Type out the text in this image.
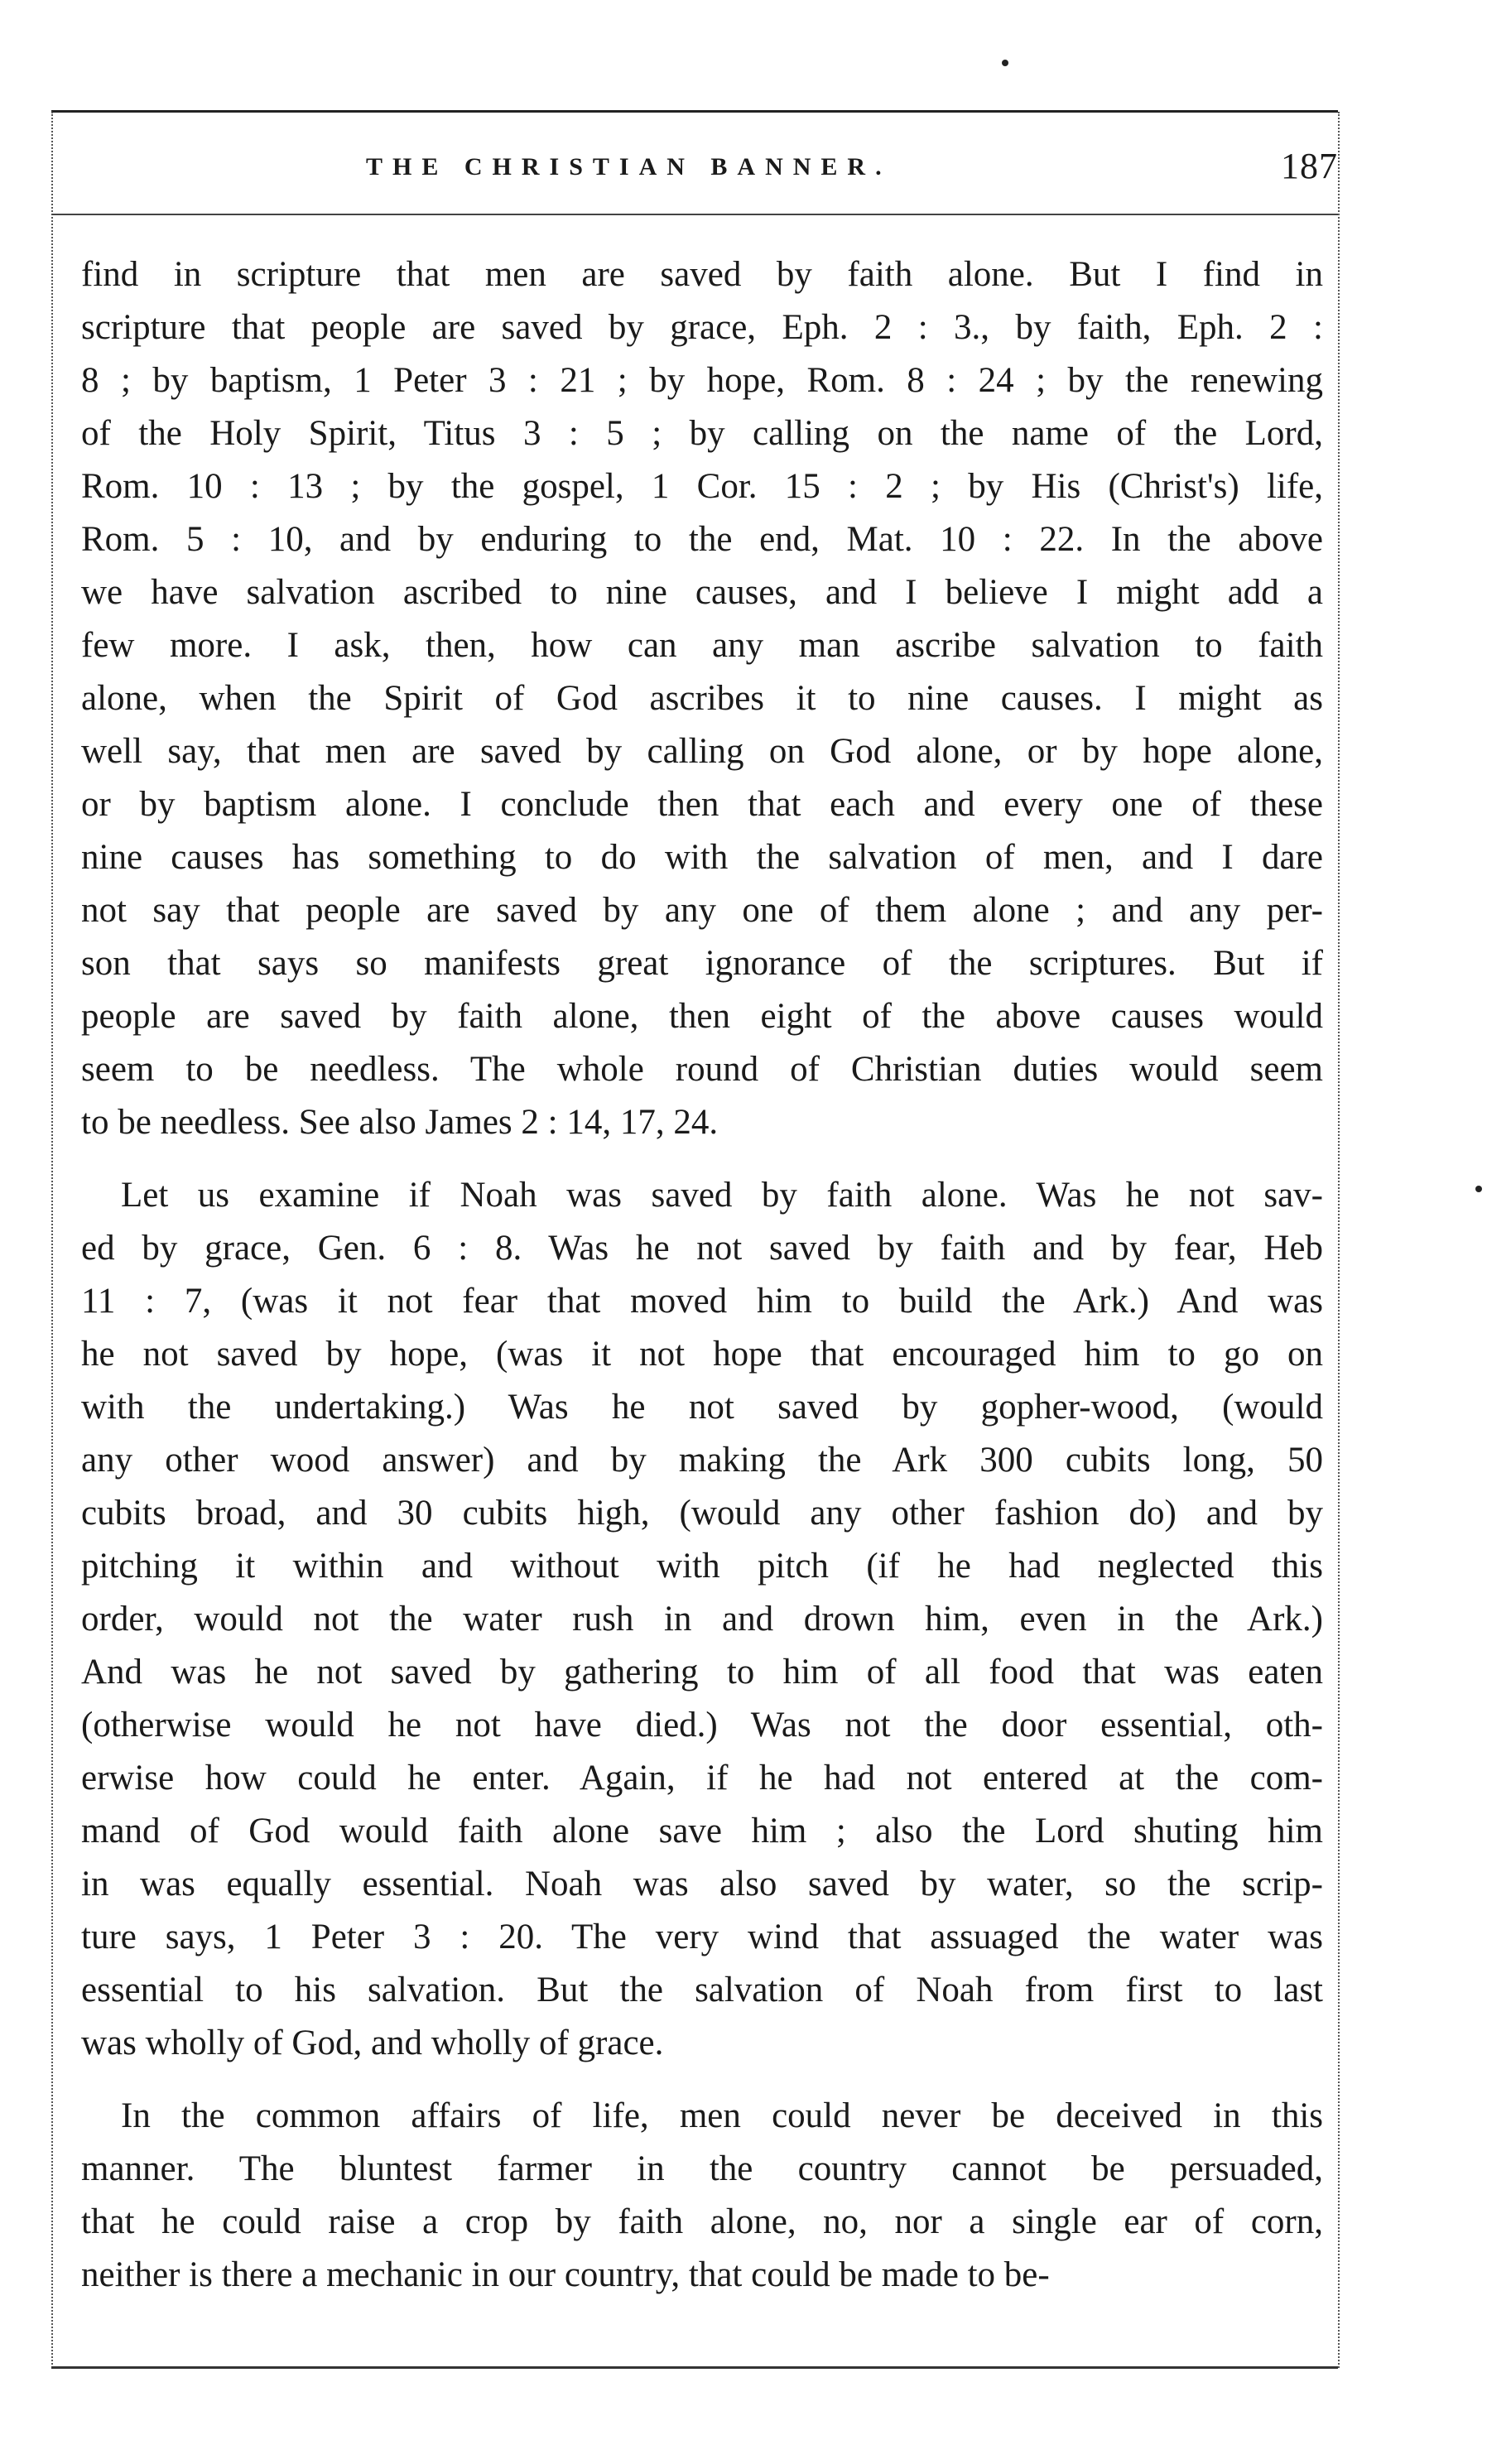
THE CHRISTIAN BANNER.	187
find in scripture that men are saved by faith alone. But I find in
scripture that people are saved by grace, Eph. 2 : 3., by faith, Eph. 2 :
8 ; by baptism, 1 Peter 3 : 21 ; by hope, Rom. 8 : 24 ; by the renewing
of the Holy Spirit, Titus 3 : 5 ; by calling on the name of the Lord,
Rom. 10 : 13 ; by the gospel, 1 Cor. 15 : 2 ; by His (Christ's) life,
Rom. 5 : 10, and by enduring to the end, Mat. 10 : 22. In the above
we have salvation ascribed to nine causes, and I believe I might add a
few more. I ask, then, how can any man ascribe salvation to faith
alone, when the Spirit of God ascribes it to nine causes. I might as
well say, that men are saved by calling on God alone, or by hope alone,
or by baptism alone. I conclude then that each and every one of these
nine causes has something to do with the salvation of men, and I dare
not say that people are saved by any one of them alone ; and any per-
son that says so manifests great ignorance of the scriptures. But if
people are saved by faith alone, then eight of the above causes would
seem to be needless. The whole round of Christian duties would seem
to be needless. See also James 2 : 14, 17, 24.
Let us examine if Noah was saved by faith alone. Was he not sav-
ed by grace, Gen. 6 : 8. Was he not saved by faith and by fear, Heb
11 : 7, (was it not fear that moved him to build the Ark.) And was
he not saved by hope, (was it not hope that encouraged him to go on
with the undertaking.) Was he not saved by gopher-wood, (would
any other wood answer) and by making the Ark 300 cubits long, 50
cubits broad, and 30 cubits high, (would any other fashion do) and by
pitching it within and without with pitch (if he had neglected this
order, would not the water rush in and drown him, even in the Ark.)
And was he not saved by gathering to him of all food that was eaten
(otherwise would he not have died.) Was not the door essential, oth-
erwise how could he enter. Again, if he had not entered at the com-
mand of God would faith alone save him ; also the Lord shuting him
in was equally essential. Noah was also saved by water, so the scrip-
ture says, 1 Peter 3 : 20. The very wind that assuaged the water was
essential to his salvation. But the salvation of Noah from first to last
was wholly of God, and wholly of grace.
In the common affairs of life, men could never be deceived in this
manner. The bluntest farmer in the country cannot be persuaded,
that he could raise a crop by faith alone, no, nor a single ear of corn,
neither is there a mechanic in our country, that could be made to be-
